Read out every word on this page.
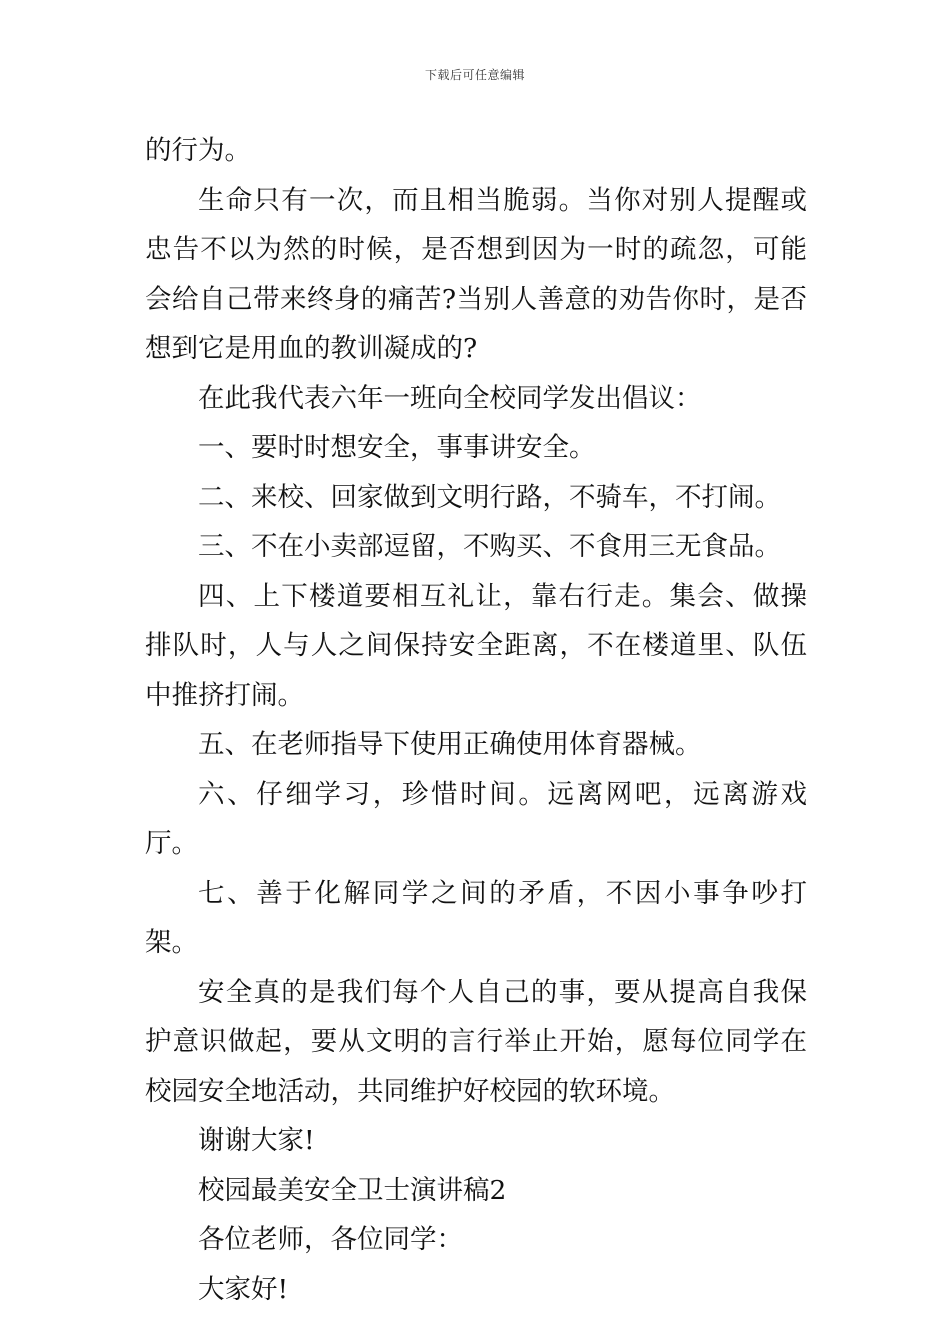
下载后可任意编辑

的行为。

生命只有一次，而且相当脆弱。当你对别人提醒或忠告不以为然的时候，是否想到因为一时的疏忽，可能会给自己带来终身的痛苦?当别人善意的劝告你时，是否想到它是用血的教训凝成的?

在此我代表六年一班向全校同学发出倡议：

一、要时时想安全，事事讲安全。

二、来校、回家做到文明行路，不骑车，不打闹。

三、不在小卖部逗留，不购买、不食用三无食品。

四、上下楼道要相互礼让，靠右行走。集会、做操排队时，人与人之间保持安全距离，不在楼道里、队伍中推挤打闹。

五、在老师指导下使用正确使用体育器械。

六、仔细学习，珍惜时间。远离网吧，远离游戏厅。

七、善于化解同学之间的矛盾，不因小事争吵打架。

安全真的是我们每个人自己的事，要从提高自我保护意识做起，要从文明的言行举止开始，愿每位同学在校园安全地活动，共同维护好校园的软环境。

谢谢大家!

校园最美安全卫士演讲稿2

各位老师，各位同学：

大家好!
